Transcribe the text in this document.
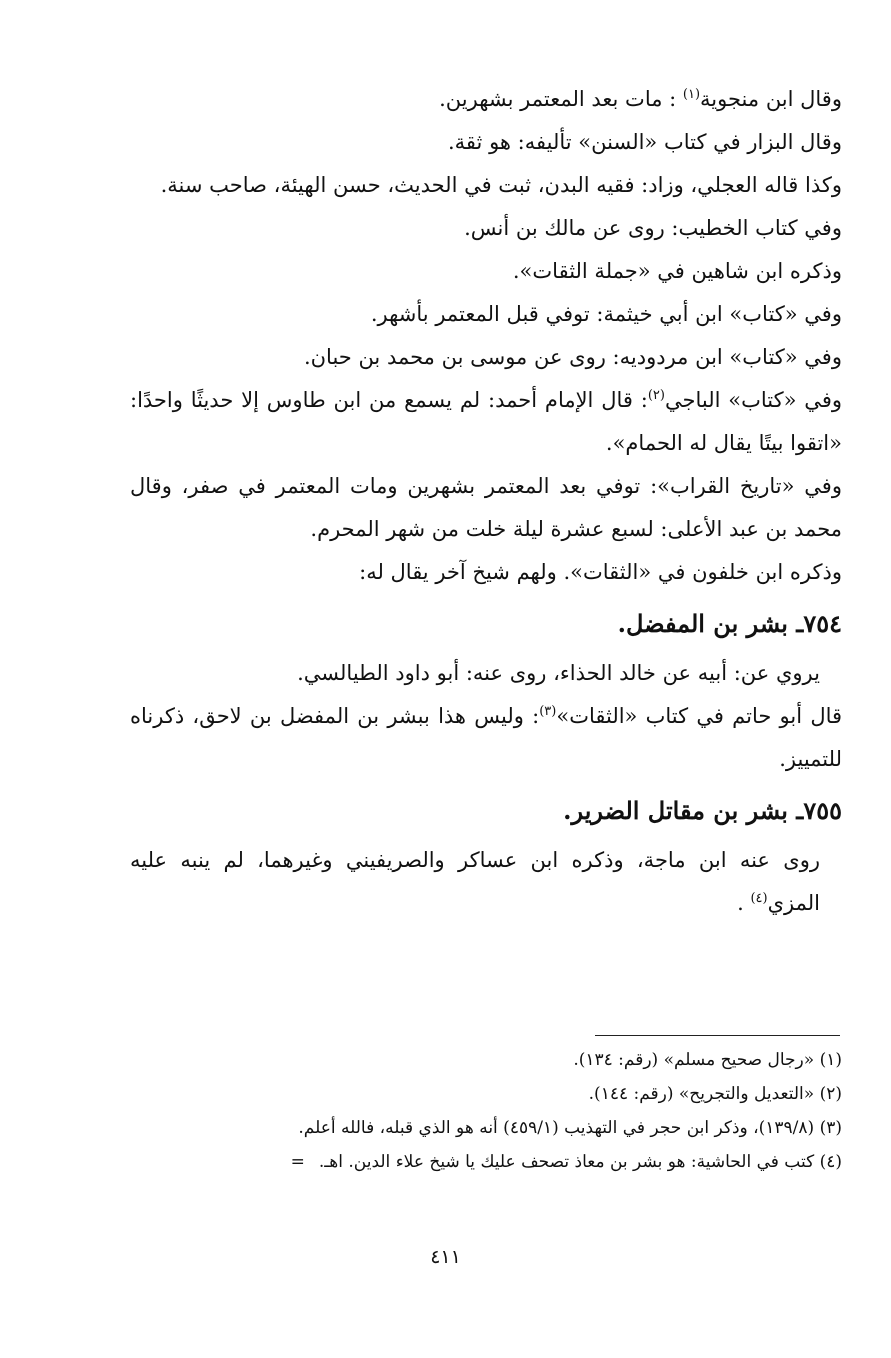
وقال ابن منجوية$^{(١)}$ : مات بعد المعتمر بشهرين.

وقال البزار في كتاب «السنن» تأليفه: هو ثقة.

وكذا قاله العجلي، وزاد: فقيه البدن، ثبت في الحديث، حسن الهيئة، صاحب سنة.

وفي كتاب الخطيب: روى عن مالك بن أنس.

وذكره ابن شاهين في «جملة الثقات».

وفي «كتاب» ابن أبي خيثمة: توفي قبل المعتمر بأشهر.

وفي «كتاب» ابن مردوديه: روى عن موسى بن محمد بن حبان.

وفي «كتاب» الباجي$^{(٢)}$: قال الإمام أحمد: لم يسمع من ابن طاوس إلا حديثًا واحدًا: «اتقوا بيتًا يقال له الحمام».

وفي «تاريخ القراب»: توفي بعد المعتمر بشهرين ومات المعتمر في صفر، وقال محمد بن عبد الأعلى: لسبع عشرة ليلة خلت من شهر المحرم.

وذكره ابن خلفون في «الثقات». ولهم شيخ آخر يقال له:

٧٥٤ـ بشر بن المفضل.

يروي عن: أبيه عن خالد الحذاء، روى عنه: أبو داود الطيالسي.

قال أبو حاتم في كتاب «الثقات»$^{(٣)}$: وليس هذا ببشر بن المفضل بن لاحق، ذكرناه للتمييز.

٧٥٥ـ بشر بن مقاتل الضرير.

روى عنه ابن ماجة، وذكره ابن عساكر والصريفيني وغيرهما، لم ينبه عليه المزي$^{(٤)}$ .

(١) «رجال صحيح مسلم» (رقم: ١٣٤).

(٢) «التعديل والتجريح» (رقم: ١٤٤).

(٣) (١٣٩/٨)، وذكر ابن حجر في التهذيب (٤٥٩/١) أنه هو الذي قبله، فالله أعلم.

(٤) كتب في الحاشية: هو بشر بن معاذ تصحف عليك يا شيخ علاء الدين. اهـ.=

٤١١
